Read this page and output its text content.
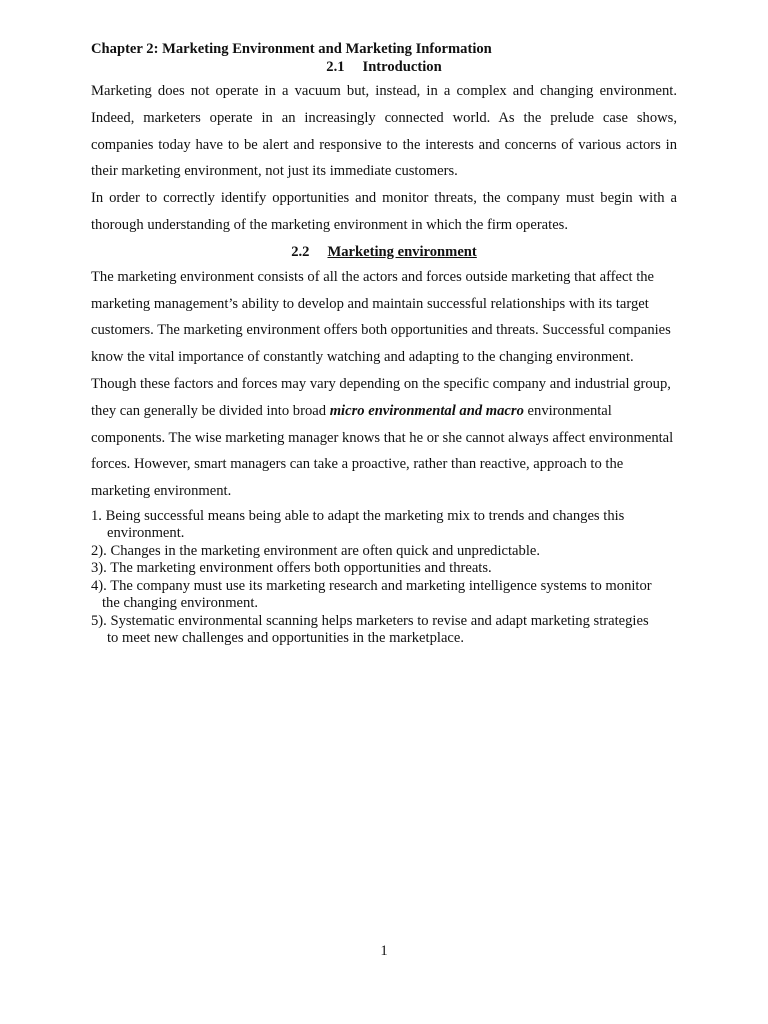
Chapter 2: Marketing Environment and Marketing Information

2.1 Introduction

Marketing does not operate in a vacuum but, instead, in a complex and changing environment. Indeed, marketers operate in an increasingly connected world. As the prelude case shows, companies today have to be alert and responsive to the interests and concerns of various actors in their marketing environment, not just its immediate customers.

In order to correctly identify opportunities and monitor threats, the company must begin with a thorough understanding of the marketing environment in which the firm operates.

2.2 Marketing environment

The marketing environment consists of all the actors and forces outside marketing that affect the marketing management’s ability to develop and maintain successful relationships with its target customers. The marketing environment offers both opportunities and threats. Successful companies know the vital importance of constantly watching and adapting to the changing environment. Though these factors and forces may vary depending on the specific company and industrial group, they can generally be divided into broad micro environmental and macro environmental components. The wise marketing manager knows that he or she cannot always affect environmental forces. However, smart managers can take a proactive, rather than reactive, approach to the marketing environment.

1. Being successful means being able to adapt the marketing mix to trends and changes this
environment.
2). Changes in the marketing environment are often quick and unpredictable.
3). The marketing environment offers both opportunities and threats.
4). The company must use its marketing research and marketing intelligence systems to monitor
the changing environment.
5). Systematic environmental scanning helps marketers to revise and adapt marketing strategies
to meet new challenges and opportunities in the marketplace.
1
